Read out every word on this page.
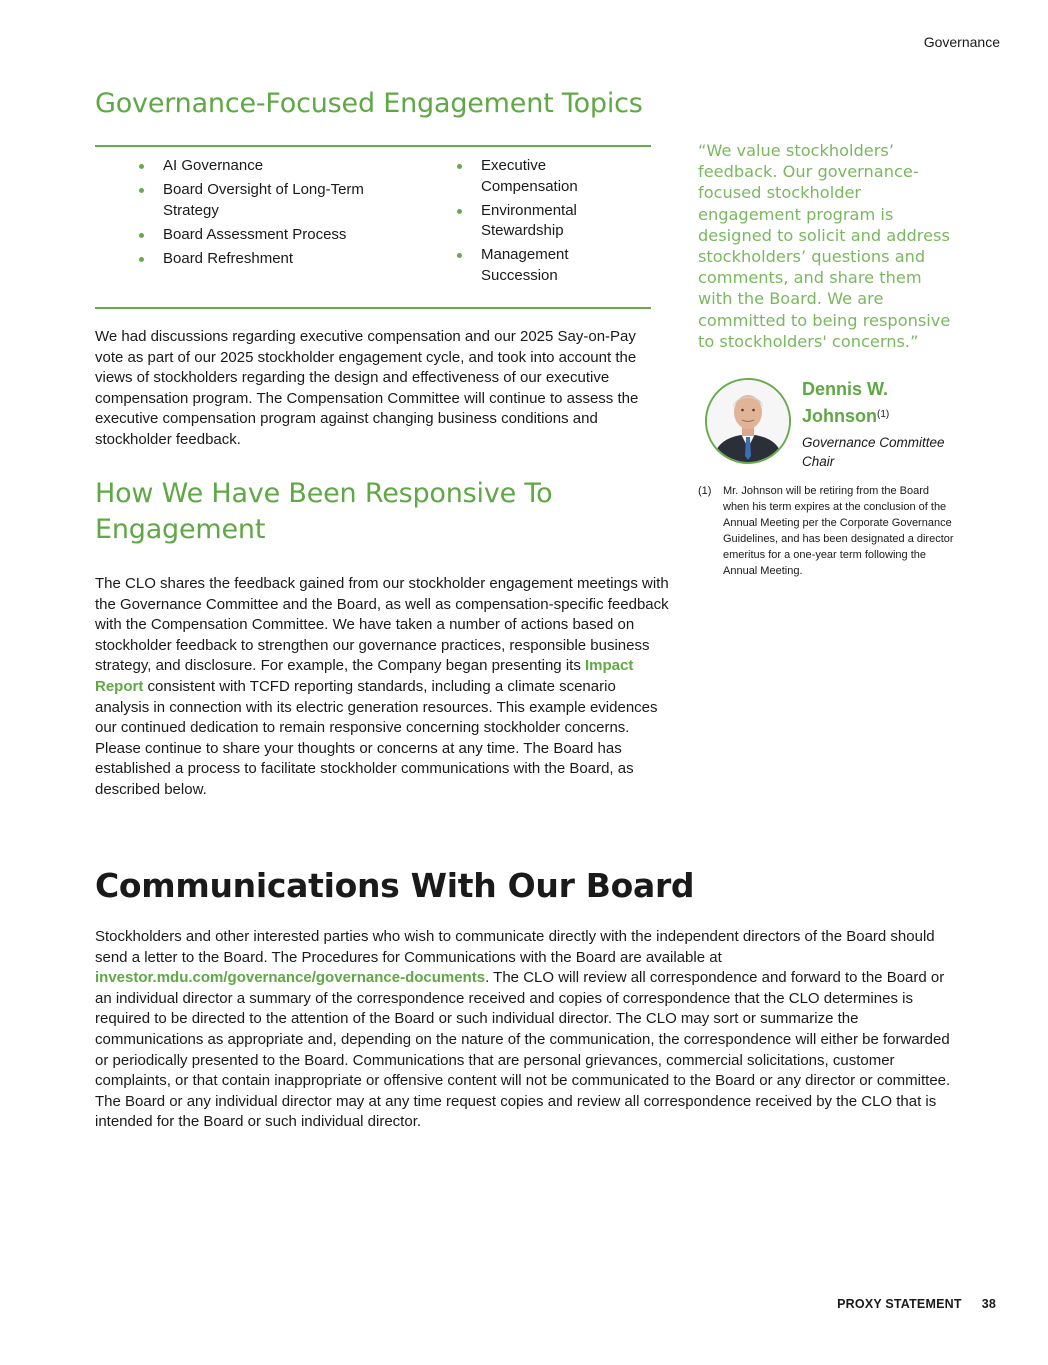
Governance
Governance-Focused Engagement Topics
AI Governance
Board Oversight of Long-Term Strategy
Board Assessment Process
Board Refreshment
Executive Compensation
Environmental Stewardship
Management Succession

We had discussions regarding executive compensation and our 2025 Say-on-Pay vote as part of our 2025 stockholder engagement cycle, and took into account the views of stockholders regarding the design and effectiveness of our executive compensation program. The Compensation Committee will continue to assess the executive compensation program against changing business conditions and stockholder feedback.

How We Have Been Responsive To Engagement

The CLO shares the feedback gained from our stockholder engagement meetings with the Governance Committee and the Board, as well as compensation-specific feedback with the Compensation Committee. We have taken a number of actions based on stockholder feedback to strengthen our governance practices, responsible business strategy, and disclosure. For example, the Company began presenting its Impact Report consistent with TCFD reporting standards, including a climate scenario analysis in connection with its electric generation resources. This example evidences our continued dedication to remain responsive concerning stockholder concerns. Please continue to share your thoughts or concerns at any time. The Board has established a process to facilitate stockholder communications with the Board, as described below.

Communications With Our Board

Stockholders and other interested parties who wish to communicate directly with the independent directors of the Board should send a letter to the Board. The Procedures for Communications with the Board are available at investor.mdu.com/governance/governance-documents. The CLO will review all correspondence and forward to the Board or an individual director a summary of the correspondence received and copies of correspondence that the CLO determines is required to be directed to the attention of the Board or such individual director. The CLO may sort or summarize the communications as appropriate and, depending on the nature of the communication, the correspondence will either be forwarded or periodically presented to the Board. Communications that are personal grievances, commercial solicitations, customer complaints, or that contain inappropriate or offensive content will not be communicated to the Board or any director or committee. The Board or any individual director may at any time request copies and review all correspondence received by the CLO that is intended for the Board or such individual director.

“We value stockholders’ feedback. Our governance-focused stockholder engagement program is designed to solicit and address stockholders’ questions and comments, and share them with the Board. We are committed to being responsive to stockholders' concerns.”

Dennis W. Johnson$^{(1)}$
Governance Committee Chair
(1) Mr. Johnson will be retiring from the Board when his term expires at the conclusion of the Annual Meeting per the Corporate Governance Guidelines, and has been designated a director emeritus for a one-year term following the Annual Meeting.
PROXY STATEMENT 38
